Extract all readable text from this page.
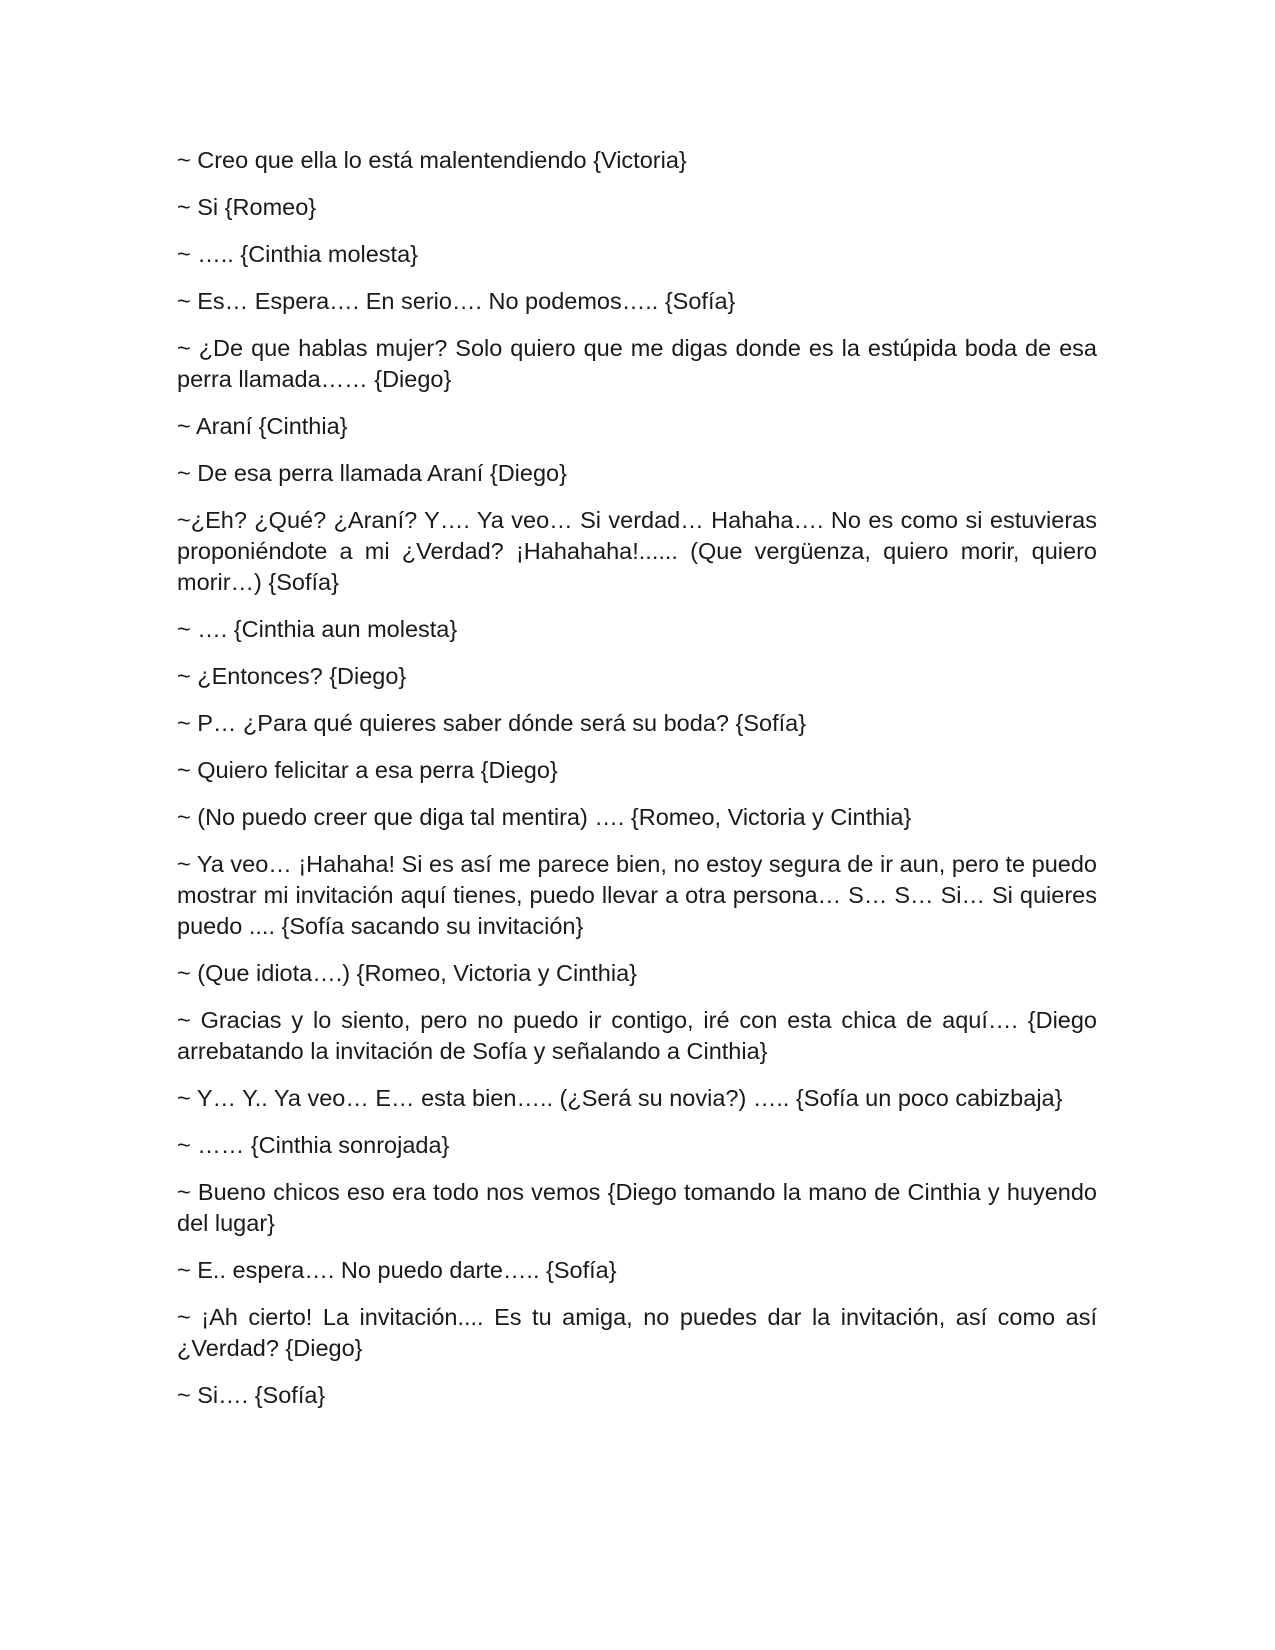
~ Creo que ella lo está malentendiendo {Victoria}

~ Si {Romeo}

~ ….. {Cinthia molesta}

~ Es… Espera…. En serio…. No podemos….. {Sofía}

~ ¿De que hablas mujer? Solo quiero que me digas donde es la estúpida boda de esa perra llamada…… {Diego}

~ Araní {Cinthia}

~ De esa perra llamada Araní {Diego}

~¿Eh? ¿Qué? ¿Araní? Y…. Ya veo… Si verdad… Hahaha…. No es como si estuvieras proponiéndote a mi ¿Verdad? ¡Hahahaha!...... (Que vergüenza, quiero morir, quiero morir…) {Sofía}

~ …. {Cinthia aun molesta}

~ ¿Entonces? {Diego}

~ P… ¿Para qué quieres saber dónde será su boda? {Sofía}

~ Quiero felicitar a esa perra {Diego}

~ (No puedo creer que diga tal mentira) …. {Romeo, Victoria y Cinthia}

~ Ya veo… ¡Hahaha! Si es así me parece bien, no estoy segura de ir aun, pero te puedo mostrar mi invitación aquí tienes, puedo llevar a otra persona… S… S… Si… Si quieres puedo .... {Sofía sacando su invitación}

~ (Que idiota….) {Romeo, Victoria y Cinthia}

~ Gracias y lo siento, pero no puedo ir contigo, iré con esta chica de aquí…. {Diego arrebatando la invitación de Sofía y señalando a Cinthia}

~ Y… Y.. Ya veo… E… esta bien….. (¿Será su novia?) ….. {Sofía un poco cabizbaja}

~ …… {Cinthia sonrojada}

~ Bueno chicos eso era todo nos vemos {Diego tomando la mano de Cinthia y huyendo del lugar}

~ E.. espera…. No puedo darte….. {Sofía}

~ ¡Ah cierto! La invitación.... Es tu amiga, no puedes dar la invitación, así como así ¿Verdad? {Diego}

~ Si…. {Sofía}
